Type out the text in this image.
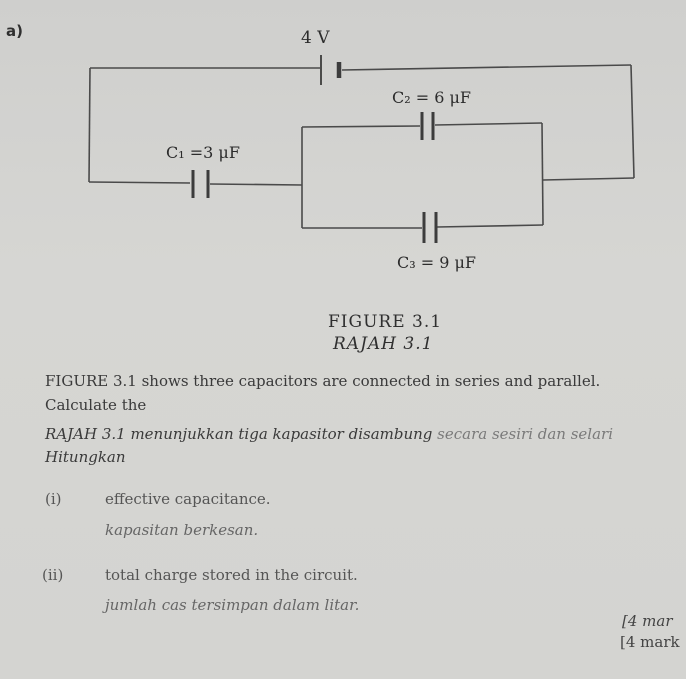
a)	4 V
C₁ =3 μF
C₂ = 6 μF
C₃ = 9 μF
FIGURE 3.1
RAJAH 3.1
FIGURE 3.1 shows three capacitors are connected in series and parallel.
Calculate the
RAJAH 3.1 menunjukkan tiga kapasitor disambung secara sesiri dan selari
Hitungkan
(i)	effective capacitance.
kapasitan berkesan.
(ii)	total charge stored in the circuit.
jumlah cas tersimpan dalam litar.
[4 mar
[4 mark
